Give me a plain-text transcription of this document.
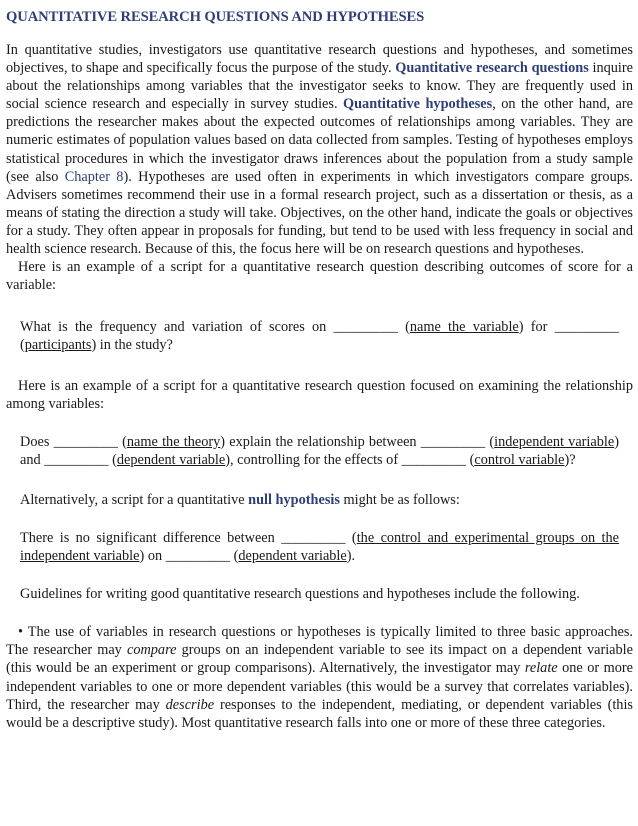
QUANTITATIVE RESEARCH QUESTIONS AND HYPOTHESES

In quantitative studies, investigators use quantitative research questions and hypotheses, and sometimes objectives, to shape and specifically focus the purpose of the study. Quantitative research questions inquire about the relationships among variables that the investigator seeks to know. They are frequently used in social science research and especially in survey studies. Quantitative hypotheses, on the other hand, are predictions the researcher makes about the expected outcomes of relationships among variables. They are numeric estimates of population values based on data collected from samples. Testing of hypotheses employs statistical procedures in which the investigator draws inferences about the population from a study sample (see also Chapter 8). Hypotheses are used often in experiments in which investigators compare groups. Advisers sometimes recommend their use in a formal research project, such as a dissertation or thesis, as a means of stating the direction a study will take. Objectives, on the other hand, indicate the goals or objectives for a study. They often appear in proposals for funding, but tend to be used with less frequency in social and health science research. Because of this, the focus here will be on research questions and hypotheses.

Here is an example of a script for a quantitative research question describing outcomes of score for a variable:

What is the frequency and variation of scores on _________ (name the variable) for _________ (participants) in the study?

Here is an example of a script for a quantitative research question focused on examining the relationship among variables:

Does _________ (name the theory) explain the relationship between _________ (independent variable) and _________ (dependent variable), controlling for the effects of _________ (control variable)?

Alternatively, a script for a quantitative null hypothesis might be as follows:

There is no significant difference between _________ (the control and experimental groups on the independent variable) on _________ (dependent variable).

Guidelines for writing good quantitative research questions and hypotheses include the following.

• The use of variables in research questions or hypotheses is typically limited to three basic approaches. The researcher may compare groups on an independent variable to see its impact on a dependent variable (this would be an experiment or group comparisons). Alternatively, the investigator may relate one or more independent variables to one or more dependent variables (this would be a survey that correlates variables). Third, the researcher may describe responses to the independent, mediating, or dependent variables (this would be a descriptive study). Most quantitative research falls into one or more of these three categories.
